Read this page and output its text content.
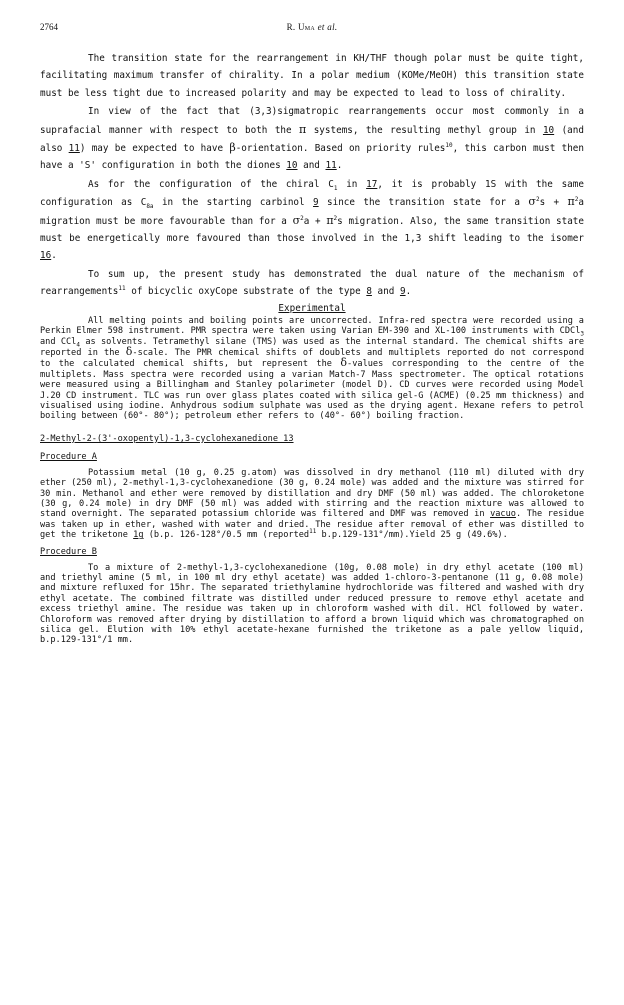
2764	R. Uma et al.

The transition state for the rearrangement in KH/THF though polar must be quite tight, facilitating maximum transfer of chirality. In a polar medium (KOMe/MeOH) this transition state must be less tight due to increased polarity and may be expected to lead to loss of chirality.

In view of the fact that (3,3)sigmatropic rearrangements occur most commonly in a suprafacial manner with respect to both the π systems, the resulting methyl group in 10 (and also 11) may be expected to have β-orientation. Based on priority rules$^{10}$, this carbon must then have a 'S' configuration in both the diones 10 and 11.

As for the configuration of the chiral $C_1$ in 17, it is probably 1S with the same configuration as $C_{8a}$ in the starting carbinol 9 since the transition state for a $\sigma^2s + \pi^2a$ migration must be more favourable than for a $\sigma^2a + \pi^2s$ migration. Also, the same transition state must be energetically more favoured than those involved in the 1,3 shift leading to the isomer 16.

To sum up, the present study has demonstrated the dual nature of the mechanism of rearrangements$^{11}$ of bicyclic oxyCope substrate of the type 8 and 9.

Experimental

All melting points and boiling points are uncorrected. Infra-red spectra were recorded using a Perkin Elmer 598 instrument. PMR spectra were taken using Varian EM-390 and XL-100 instruments with CDCl$_3$ and CCl$_4$ as solvents. Tetramethyl silane (TMS) was used as the internal standard. The chemical shifts are reported in the δ-scale. The PMR chemical shifts of doublets and multiplets reported do not correspond to the calculated chemical shifts, but represent the δ-values corresponding to the centre of the multiplets. Mass spectra were recorded using a varian Match-7 Mass spectrometer. The optical rotations were measured using a Billingham and Stanley polarimeter (model D). CD curves were recorded using Model J.20 CD instrument. TLC was run over glass plates coated with silica gel-G (ACME) (0.25 mm thickness) and visualised using iodine. Anhydrous sodium sulphate was used as the drying agent. Hexane refers to petrol boiling between (60°- 80°); petroleum ether refers to (40°- 60°) boiling fraction.

2-Methyl-2-(3'-oxopentyl)-1,3-cyclohexanedione 13
Procedure A

Potassium metal (10 g, 0.25 g.atom) was dissolved in dry methanol (110 ml) diluted with dry ether (250 ml), 2-methyl-1,3-cyclohexanedione (30 g, 0.24 mole) was added and the mixture was stirred for 30 min. Methanol and ether were removed by distillation and dry DMF (50 ml) was added. The chloroketone (30 g, 0.24 mole) in dry DMF (50 ml) was added with stirring and the reaction mixture was allowed to stand overnight. The separated potassium chloride was filtered and DMF was removed in vacuo. The residue was taken up in ether, washed with water and dried. The residue after removal of ether was distilled to get the triketone 1g (b.p. 126-128°/0.5 mm (reported$^{11}$ b.p.129-131°/mm).Yield 25 g (49.6%).

Procedure B

To a mixture of 2-methyl-1,3-cyclohexanedione (10g, 0.08 mole) in dry ethyl acetate (100 ml) and triethyl amine (5 ml, in 100 ml dry ethyl acetate) was added 1-chloro-3-pentanone (11 g, 0.08 mole) and mixture refluxed for 15hr. The separated triethylamine hydrochloride was filtered and washed with dry ethyl acetate. The combined filtrate was distilled under reduced pressure to remove ethyl acetate and excess triethyl amine. The residue was taken up in chloroform washed with dil. HCl followed by water. Chloroform was removed after drying by distillation to afford a brown liquid which was chromatographed on silica gel. Elution with 10% ethyl acetate-hexane furnished the triketone as a pale yellow liquid, b.p.129-131°/1 mm.
